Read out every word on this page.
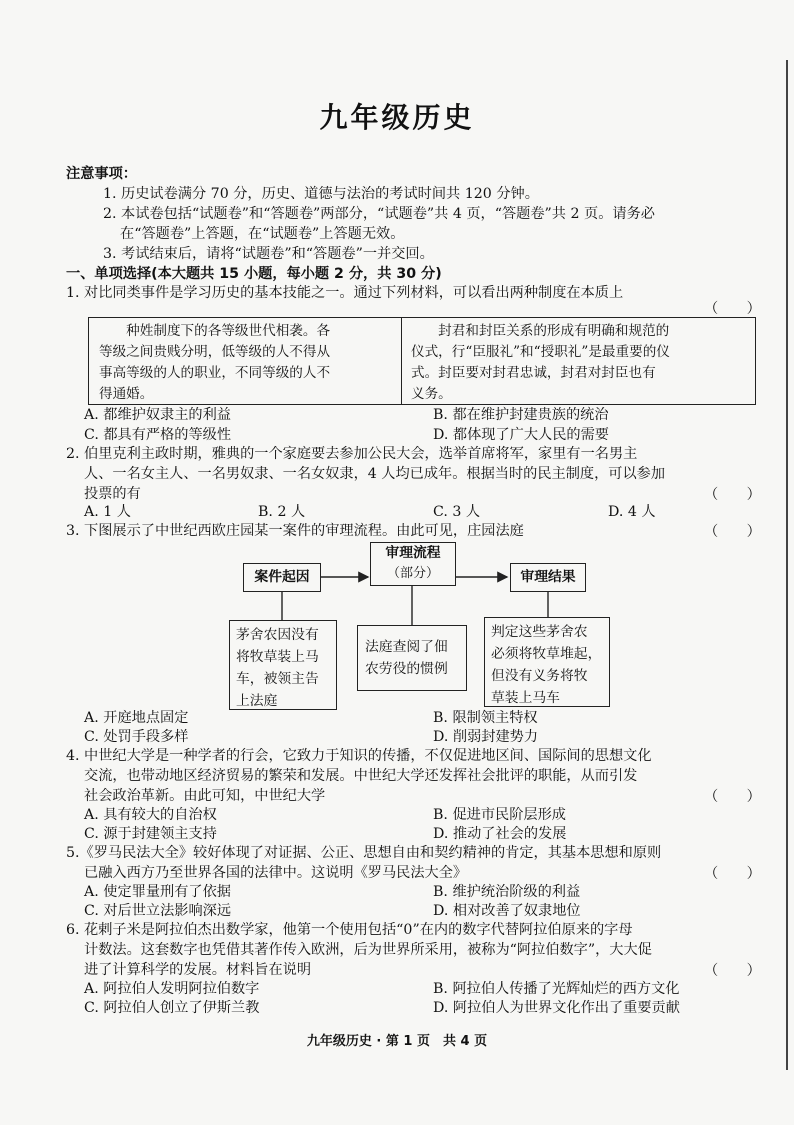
九年级历史
注意事项：
1. 历史试卷满分 70 分，历史、道德与法治的考试时间共 120 分钟。
2. 本试卷包括“试题卷”和“答题卷”两部分，“试题卷”共 4 页，“答题卷”共 2 页。请务必
在“答题卷”上答题，在“试题卷”上答题无效。
3. 考试结束后，请将“试题卷”和“答题卷”一并交回。
一、单项选择(本大题共 15 小题，每小题 2 分，共 30 分)
1. 对比同类事件是学习历史的基本技能之一。通过下列材料，可以看出两种制度在本质上
（　　）
　　种姓制度下的各等级世代相袭。各
等级之间贵贱分明，低等级的人不得从
事高等级的人的职业，不同等级的人不
得通婚。
　　封君和封臣关系的形成有明确和规范的
仪式，行“臣服礼”和“授职礼”是最重要的仪
式。封臣要对封君忠诚，封君对封臣也有
义务。
A. 都维护奴隶主的利益	B. 都在维护封建贵族的统治
C. 都具有严格的等级性	D. 都体现了广大人民的需要
2. 伯里克利主政时期，雅典的一个家庭要去参加公民大会，选举首席将军，家里有一名男主
人、一名女主人、一名男奴隶、一名女奴隶，4 人均已成年。根据当时的民主制度，可以参加
投票的有	（　　）
A. 1 人	B. 2 人	C. 3 人	D. 4 人
3. 下图展示了中世纪西欧庄园某一案件的审理流程。由此可见，庄园法庭	（　　）
案件起因
审理流程
（部分）	审理结果
茅舍农因没有
将牧草装上马
车，被领主告
上法庭
法庭查阅了佃
农劳役的惯例
判定这些茅舍农
必须将牧草堆起，
但没有义务将牧
草装上马车
A. 开庭地点固定	B. 限制领主特权
C. 处罚手段多样	D. 削弱封建势力
4. 中世纪大学是一种学者的行会，它致力于知识的传播，不仅促进地区间、国际间的思想文化
交流，也带动地区经济贸易的繁荣和发展。中世纪大学还发挥社会批评的职能，从而引发
社会政治革新。由此可知，中世纪大学	（　　）
A. 具有较大的自治权	B. 促进市民阶层形成
C. 源于封建领主支持	D. 推动了社会的发展
5.《罗马民法大全》较好体现了对证据、公正、思想自由和契约精神的肯定，其基本思想和原则
已融入西方乃至世界各国的法律中。这说明《罗马民法大全》	（　　）
A. 使定罪量刑有了依据	B. 维护统治阶级的利益
C. 对后世立法影响深远	D. 相对改善了奴隶地位
6. 花剌子米是阿拉伯杰出数学家，他第一个使用包括“0”在内的数字代替阿拉伯原来的字母
计数法。这套数字也凭借其著作传入欧洲，后为世界所采用，被称为“阿拉伯数字”，大大促
进了计算科学的发展。材料旨在说明	（　　）
A. 阿拉伯人发明阿拉伯数字	B. 阿拉伯人传播了光辉灿烂的西方文化
C. 阿拉伯人创立了伊斯兰教	D. 阿拉伯人为世界文化作出了重要贡献
九年级历史 · 第 1 页　共 4 页
